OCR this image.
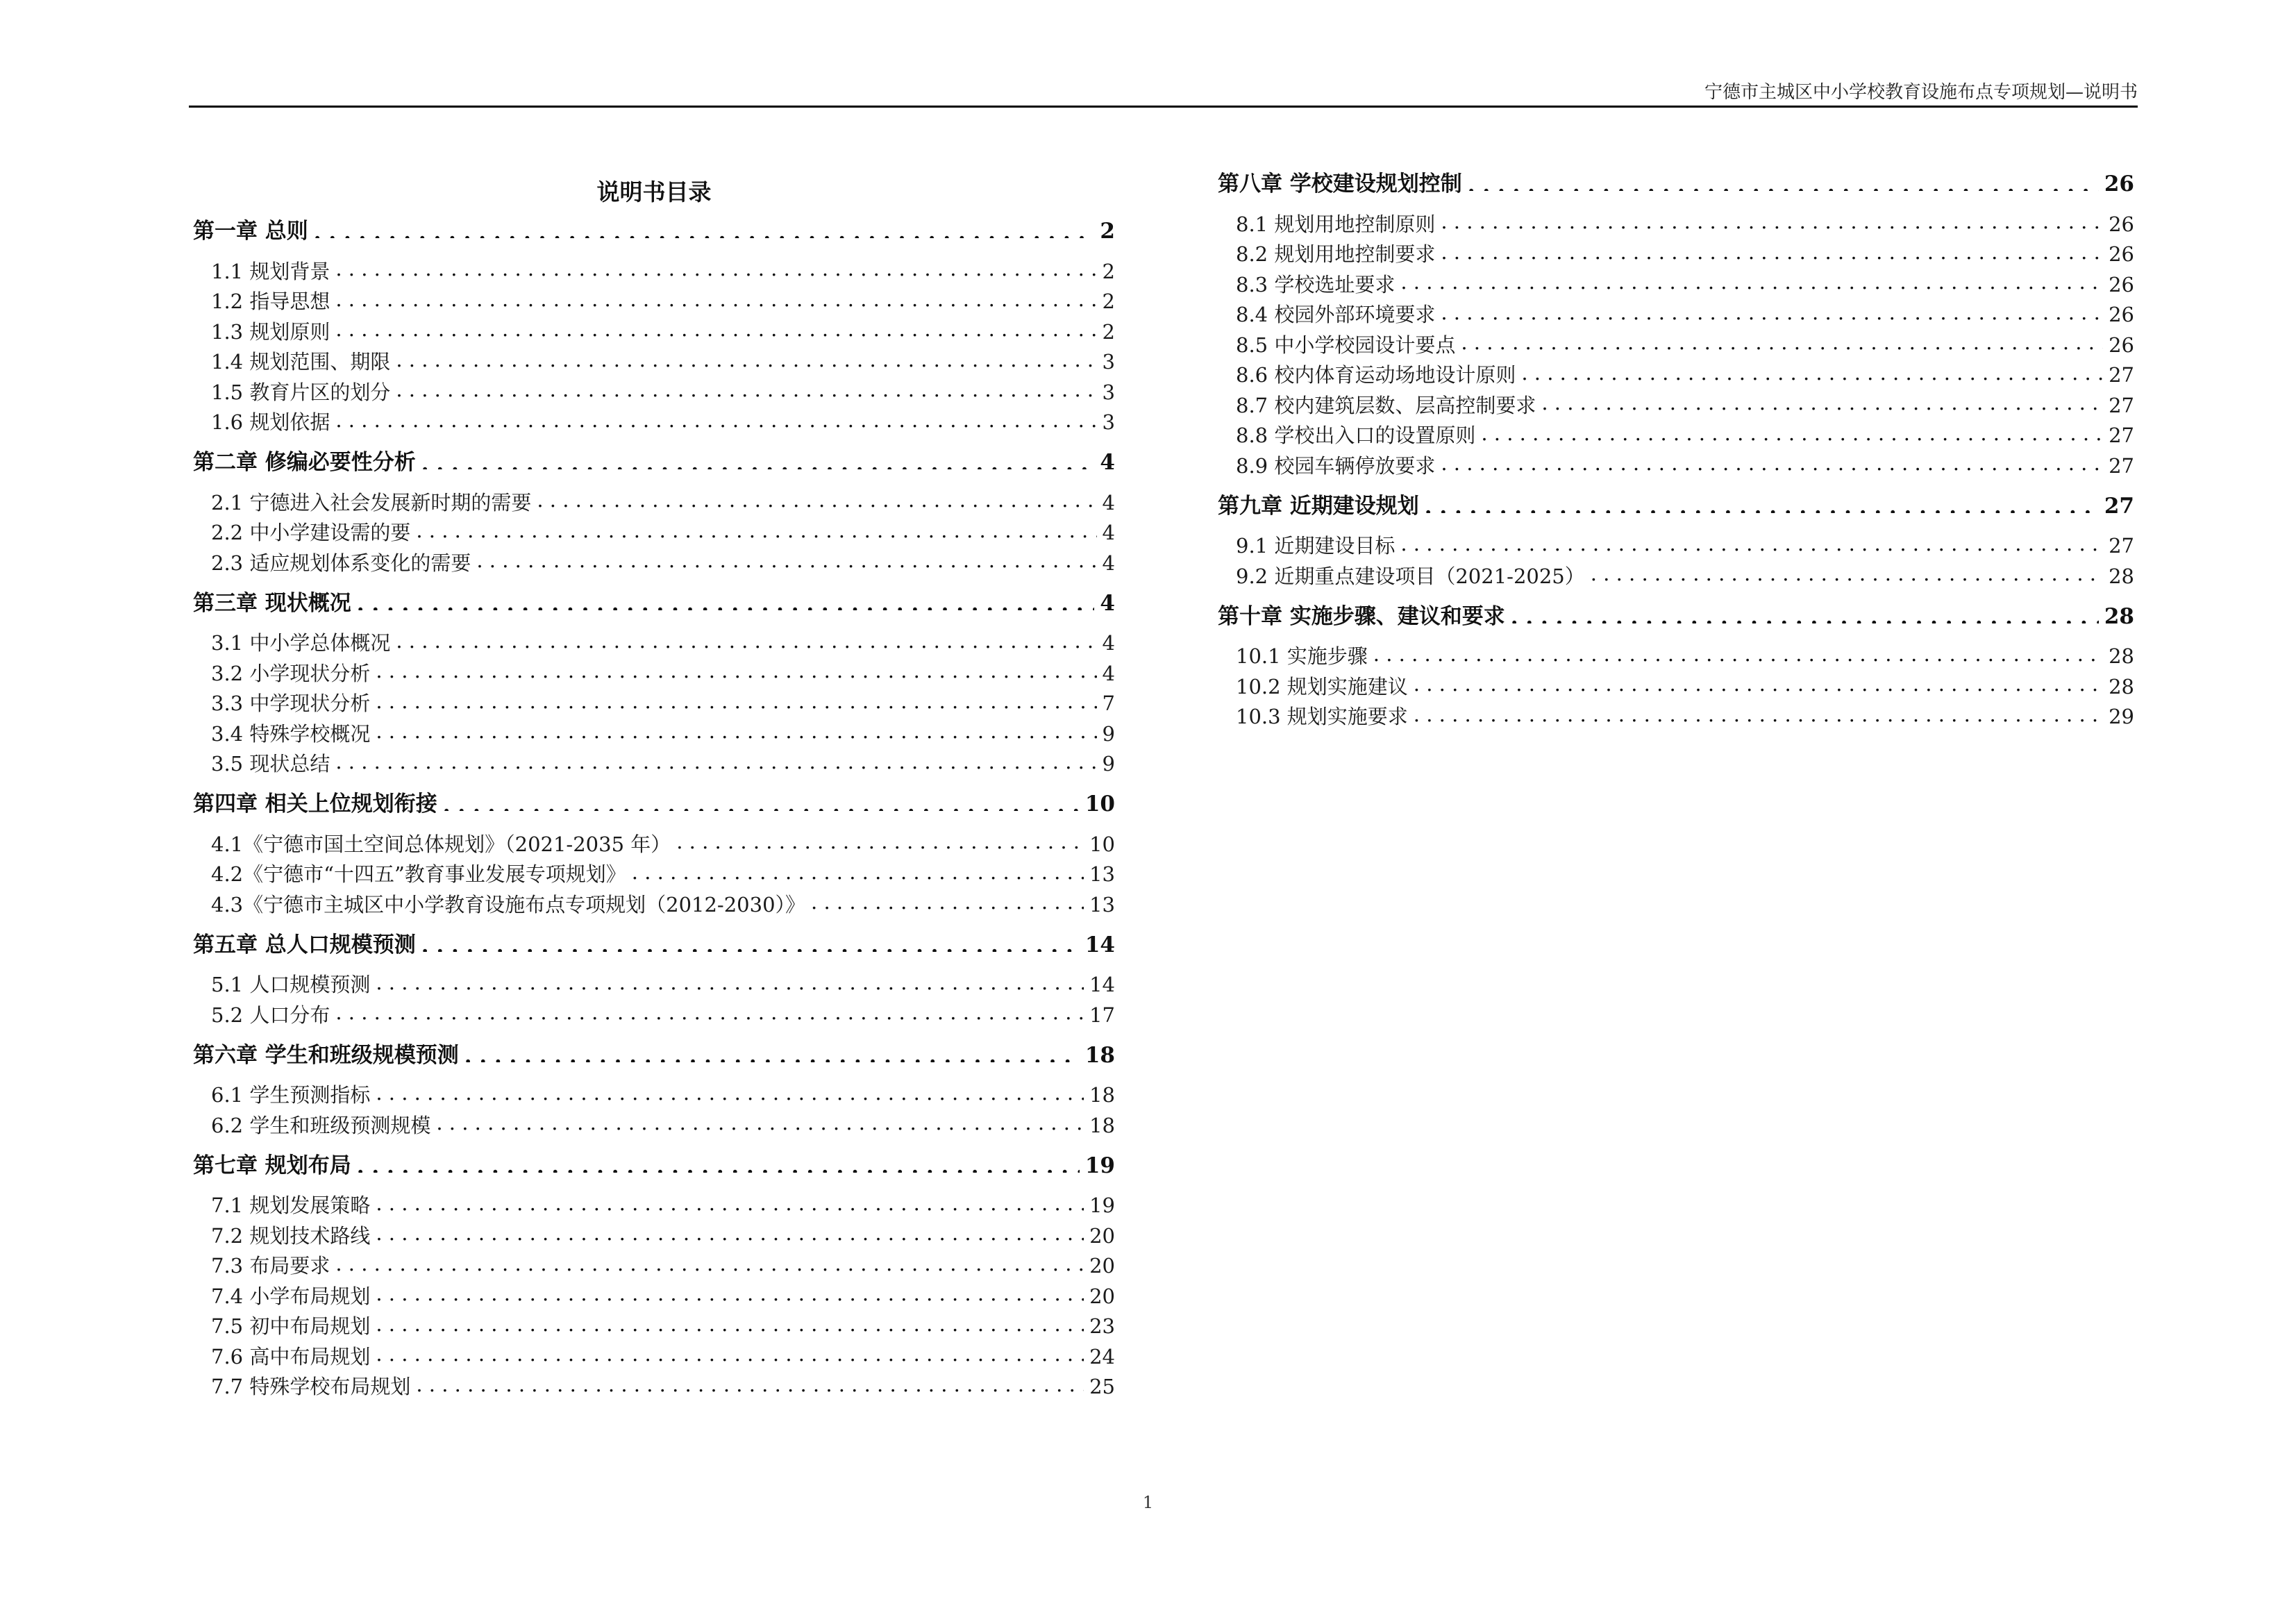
宁德市主城区中小学校教育设施布点专项规划—说明书
说明书目录
第一章 总则 . . .	2
1.1 规划背景 . . .	2
1.2 指导思想 . . .	2
1.3 规划原则 . . .	2
1.4 规划范围、期限 . . .	3
1.5 教育片区的划分 . . .	3
1.6 规划依据 . . .	3
第二章 修编必要性分析 . . .	4
2.1 宁德进入社会发展新时期的需要 . . .	4
2.2 中小学建设需的要 . . .	4
2.3 适应规划体系变化的需要 . . .	4
第三章 现状概况 . . .	4
3.1 中小学总体概况 . . .	4
3.2 小学现状分析 . . .	4
3.3 中学现状分析 . . .	7
3.4 特殊学校概况 . . .	9
3.5 现状总结 . . .	9
第四章 相关上位规划衔接 . . .	10
4.1《宁德市国土空间总体规划》（2021-2035 年） . . .	10
4.2《宁德市“十四五”教育事业发展专项规划》 . . .	13
4.3《宁德市主城区中小学教育设施布点专项规划（2012-2030）》 . . .	13
第五章 总人口规模预测 . . .	14
5.1 人口规模预测 . . .	14
5.2 人口分布 . . .	17
第六章 学生和班级规模预测 . . .	18
6.1 学生预测指标 . . .	18
6.2 学生和班级预测规模 . . .	18
第七章 规划布局 . . .	19
7.1 规划发展策略 . . .	19
7.2 规划技术路线 . . .	20
7.3 布局要求 . . .	20
7.4 小学布局规划 . . .	20
7.5 初中布局规划 . . .	23
7.6 高中布局规划 . . .	24
7.7 特殊学校布局规划 . . .	25
第八章 学校建设规划控制 . . .	26
8.1 规划用地控制原则 . . .	26
8.2 规划用地控制要求 . . .	26
8.3 学校选址要求 . . .	26
8.4 校园外部环境要求 . . .	26
8.5 中小学校园设计要点 . . .	26
8.6 校内体育运动场地设计原则 . . .	27
8.7 校内建筑层数、层高控制要求 . . .	27
8.8 学校出入口的设置原则 . . .	27
8.9 校园车辆停放要求 . . .	27
第九章 近期建设规划 . . .	27
9.1 近期建设目标 . . .	27
9.2 近期重点建设项目（2021-2025） . . .	28
第十章 实施步骤、建议和要求 . . .	28
10.1 实施步骤 . . .	28
10.2 规划实施建议 . . .	28
10.3 规划实施要求 . . .	29
1
